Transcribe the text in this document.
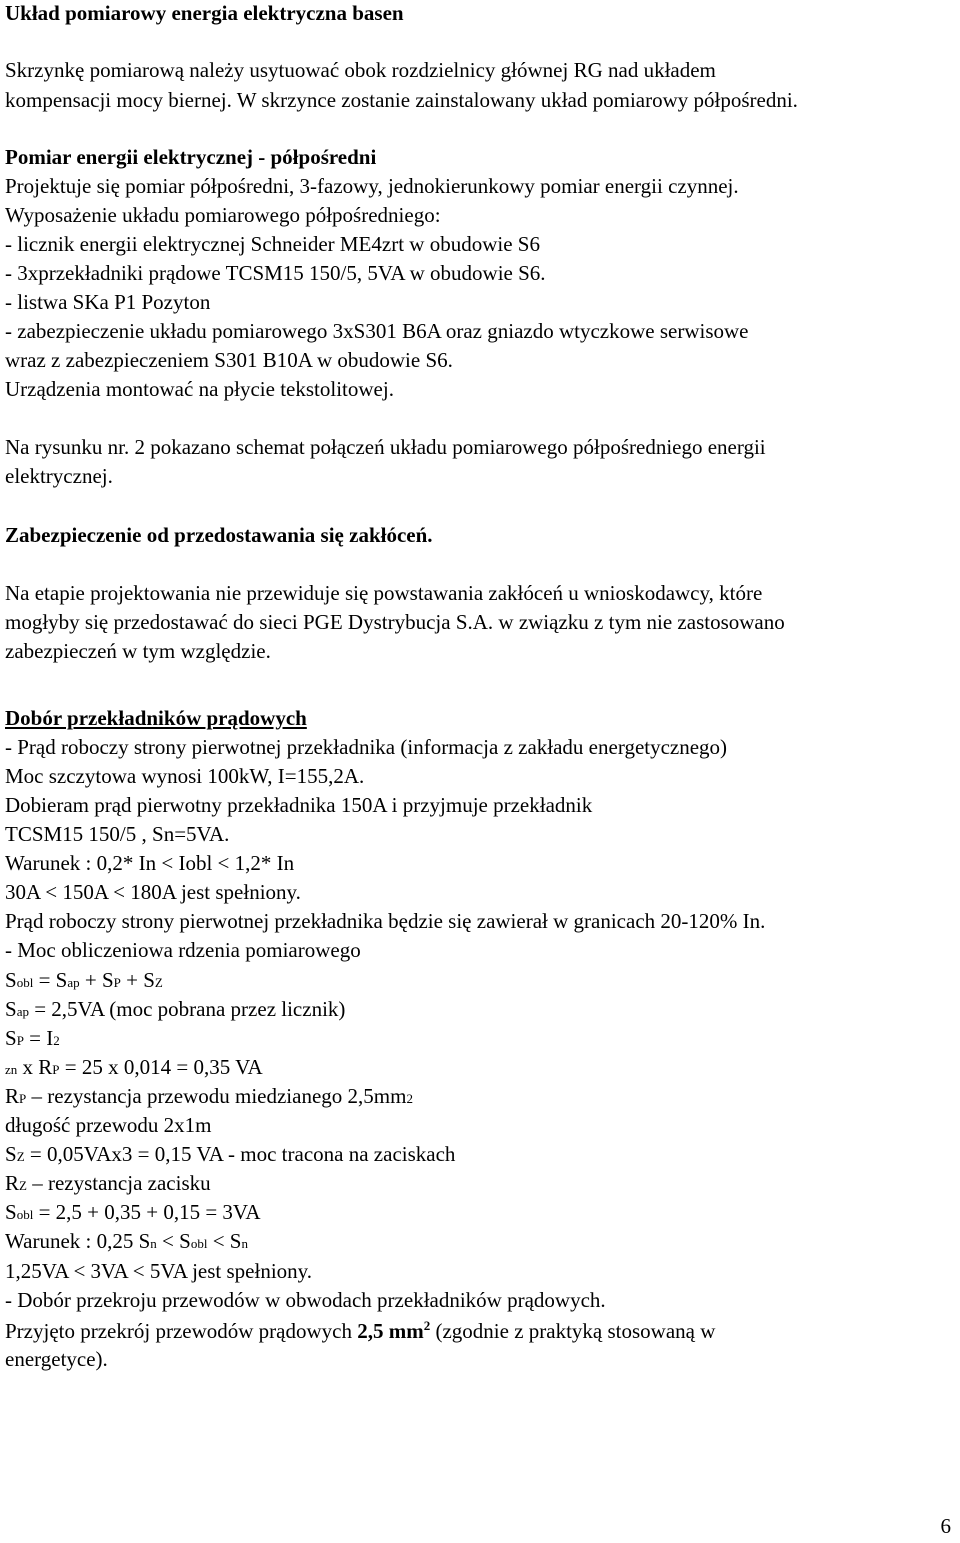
Układ pomiarowy energia elektryczna basen
Skrzynkę pomiarową należy usytuować obok rozdzielnicy głównej RG nad układem
kompensacji mocy biernej. W skrzynce zostanie zainstalowany układ pomiarowy półpośredni.
Pomiar energii elektrycznej - półpośredni
Projektuje się pomiar półpośredni, 3-fazowy, jednokierunkowy pomiar energii czynnej.
Wyposażenie układu pomiarowego półpośredniego:
- licznik energii elektrycznej Schneider ME4zrt w obudowie S6
- 3xprzekładniki prądowe TCSM15 150/5, 5VA w obudowie S6.
- listwa SKa P1 Pozyton
- zabezpieczenie układu pomiarowego 3xS301 B6A oraz gniazdo wtyczkowe serwisowe
wraz z zabezpieczeniem S301 B10A w obudowie S6.
Urządzenia montować na płycie tekstolitowej.
Na rysunku nr. 2 pokazano schemat połączeń układu pomiarowego półpośredniego energii
elektrycznej.
Zabezpieczenie od przedostawania się zakłóceń.
Na etapie projektowania nie przewiduje się powstawania zakłóceń u wnioskodawcy, które
mogłyby się przedostawać do sieci PGE Dystrybucja S.A. w związku z tym nie zastosowano
zabezpieczeń w tym względzie.
Dobór przekładników prądowych
- Prąd roboczy strony pierwotnej przekładnika (informacja z zakładu energetycznego)
Moc szczytowa wynosi 100kW, I=155,2A.
Dobieram prąd pierwotny przekładnika 150A i przyjmuje przekładnik
TCSM15 150/5 , Sn=5VA.
Warunek : 0,2* In < Iobl < 1,2* In
30A < 150A < 180A jest spełniony.
Prąd roboczy strony pierwotnej przekładnika będzie się zawierał w granicach 20-120% In.
- Moc obliczeniowa rdzenia pomiarowego
Sobl = Sap + SP + SZ
Sap = 2,5VA (moc pobrana przez licznik)
SP = I2
zn x RP = 25 x 0,014 = 0,35 VA
RP – rezystancja przewodu miedzianego 2,5mm2
długość przewodu 2x1m
SZ = 0,05VAx3 = 0,15 VA - moc tracona na zaciskach
RZ – rezystancja zacisku
Sobl = 2,5 + 0,35 + 0,15 = 3VA
Warunek : 0,25 Sn < Sobl < Sn
1,25VA < 3VA < 5VA jest spełniony.
- Dobór przekroju przewodów w obwodach przekładników prądowych.
Przyjęto przekrój przewodów prądowych 2,5 $mm^2$ (zgodnie z praktyką stosowaną w
energetyce).
6
